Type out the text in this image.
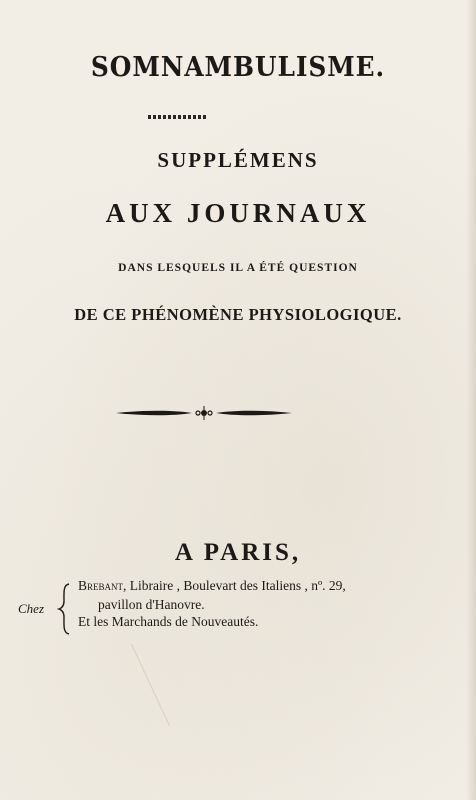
SOMNAMBULISME.
SUPPLÉMENS
AUX JOURNAUX
DANS LESQUELS IL A ÉTÉ QUESTION
DE CE PHÉNOMÈNE PHYSIOLOGIQUE.
A PARIS,
Chez
Brebant, Libraire , Boulevart des Italiens , nº. 29,
pavillon d'Hanovre.
Et les Marchands de Nouveautés.
